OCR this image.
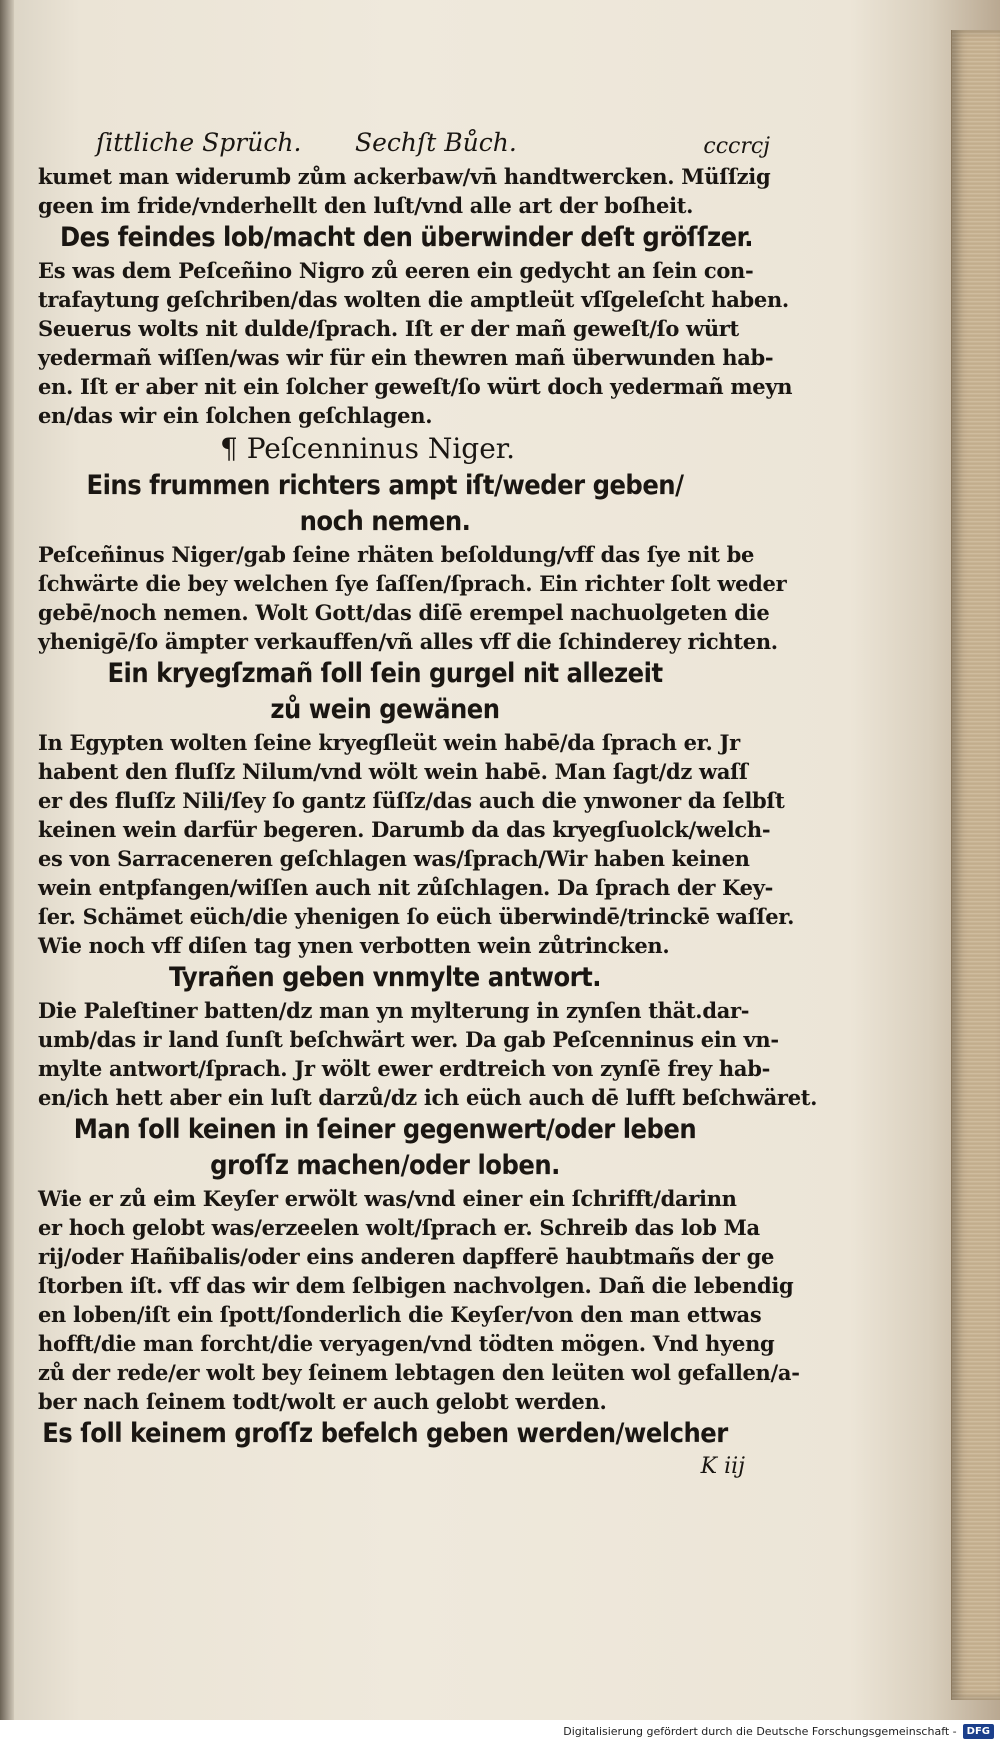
ſittliche Sprüch. Sechſt Bůch.	cccrcj
kumet man widerumb zům ackerbaw/vn̄ handtwercken. Müſſzig
geen im fride/vnderhellt den luſt/vnd alle art der boſheit.
Des feindes lob/macht den überwinder deſt gröſſzer.
Es was dem Peſceñino Nigro zů eeren ein gedycht an ſein con-
trafaytung geſchriben/das wolten die amptleüt vſſgeleſcht haben.
Seuerus wolts nit dulde/ſprach. Iſt er der mañ geweſt/ſo würt
yedermañ wiſſen/was wir für ein thewren mañ überwunden hab-
en. Iſt er aber nit ein ſolcher geweſt/ſo würt doch yedermañ meyn
en/das wir ein ſolchen geſchlagen.
¶ Peſcenninus Niger.
Eins frummen richters ampt iſt/weder geben/
noch nemen.
Peſceñinus Niger/gab ſeine rhäten beſoldung/vff das ſye nit be
ſchwärte die bey welchen ſye ſaſſen/ſprach. Ein richter ſolt weder
gebē/noch nemen. Wolt Gott/das diſē erempel nachuolgeten die
yhenigē/ſo ämpter verkauffen/vñ alles vff die ſchinderey richten.
Ein kryegſzmañ ſoll ſein gurgel nit allezeit
zů wein gewänen
In Egypten wolten ſeine kryegſleüt wein habē/da ſprach er. Jr
habent den fluſſz Nilum/vnd wölt wein habē. Man ſagt/dz waſſ
er des fluſſz Nili/ſey ſo gantz ſüſſz/das auch die ynwoner da ſelbſt
keinen wein darfür begeren. Darumb da das kryegſuolck/welch-
es von Sarraceneren geſchlagen was/ſprach/Wir haben keinen
wein entpfangen/wiſſen auch nit zůſchlagen. Da ſprach der Key-
ſer. Schämet eüch/die yhenigen ſo eüch überwindē/trinckē waſſer.
Wie noch vff diſen tag ynen verbotten wein zůtrincken.
Tyrañen geben vnmylte antwort.
Die Paleſtiner batten/dz man yn mylterung in zynſen thät.dar-
umb/das ir land ſunſt beſchwärt wer. Da gab Peſcenninus ein vn-
mylte antwort/ſprach. Jr wölt ewer erdtreich von zynſē frey hab-
en/ich hett aber ein luſt darzů/dz ich eüch auch dē lufft beſchwäret.
Man ſoll keinen in ſeiner gegenwert/oder leben
groſſz machen/oder loben.
Wie er zů eim Keyſer erwölt was/vnd einer ein ſchrifft/darinn
er hoch gelobt was/erzeelen wolt/ſprach er. Schreib das lob Ma
rij/oder Hañibalis/oder eins anderen dapfferē haubtmañs der ge
ſtorben iſt. vff das wir dem ſelbigen nachvolgen. Dañ die lebendig
en loben/iſt ein ſpott/ſonderlich die Keyſer/von den man ettwas
hofft/die man forcht/die veryagen/vnd tödten mögen. Vnd hyeng
zů der rede/er wolt bey ſeinem lebtagen den leüten wol gefallen/a-
ber nach ſeinem todt/wolt er auch gelobt werden.
Es ſoll keinem groſſz befelch geben werden/welcher
K iij
Digitalisierung gefördert durch die Deutsche Forschungsgemeinschaft -	DFG
